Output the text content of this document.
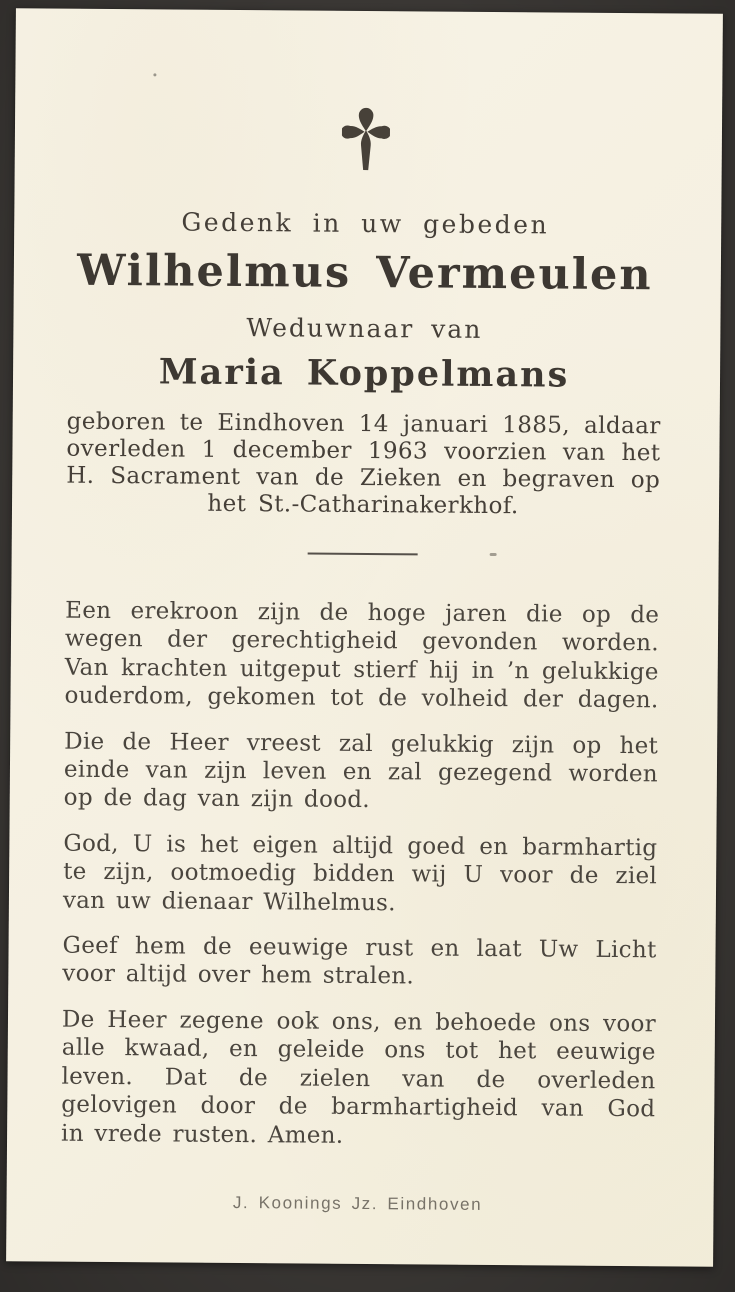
Gedenk in uw gebeden
Wilhelmus Vermeulen
Weduwnaar van
Maria Koppelmans
geboren te Eindhoven 14 januari 1885, aldaar
overleden 1 december 1963 voorzien van het
H. Sacrament van de Zieken en begraven op
het St.-Catharinakerkhof.
Een erekroon zijn de hoge jaren die op de
wegen der gerechtigheid gevonden worden.
Van krachten uitgeput stierf hij in ’n gelukkige
ouderdom, gekomen tot de volheid der dagen.
Die de Heer vreest zal gelukkig zijn op het
einde van zijn leven en zal gezegend worden
op de dag van zijn dood.
God, U is het eigen altijd goed en barmhartig
te zijn, ootmoedig bidden wij U voor de ziel
van uw dienaar Wilhelmus.
Geef hem de eeuwige rust en laat Uw Licht
voor altijd over hem stralen.
De Heer zegene ook ons, en behoede ons voor
alle kwaad, en geleide ons tot het eeuwige
leven. Dat de zielen van de overleden
gelovigen door de barmhartigheid van God
in vrede rusten. Amen.
J. Koonings Jz. Eindhoven
